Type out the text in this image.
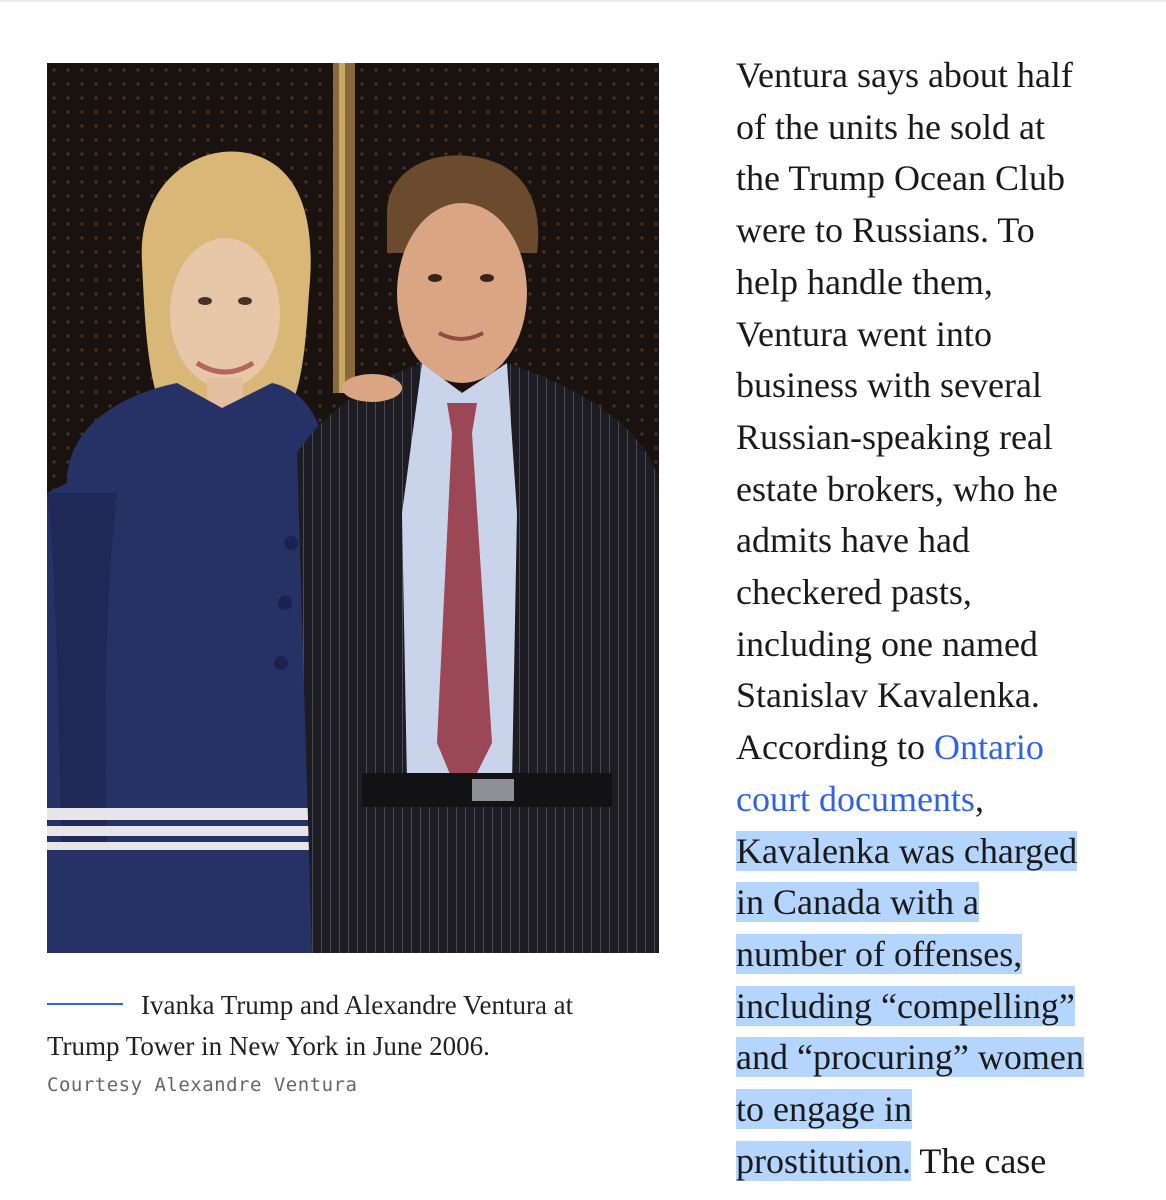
Ivanka Trump and Alexandre Ventura at
Trump Tower in New York in June 2006.
Courtesy Alexandre Ventura
Ventura says about half
of the units he sold at
the Trump Ocean Club
were to Russians. To
help handle them,
Ventura went into
business with several
Russian-speaking real
estate brokers, who he
admits have had
checkered pasts,
including one named
Stanislav Kavalenka.
According to Ontario
court documents,
Kavalenka was charged
in Canada with a
number of offenses,
including “compelling”
and “procuring” women
to engage in
prostitution. The case
